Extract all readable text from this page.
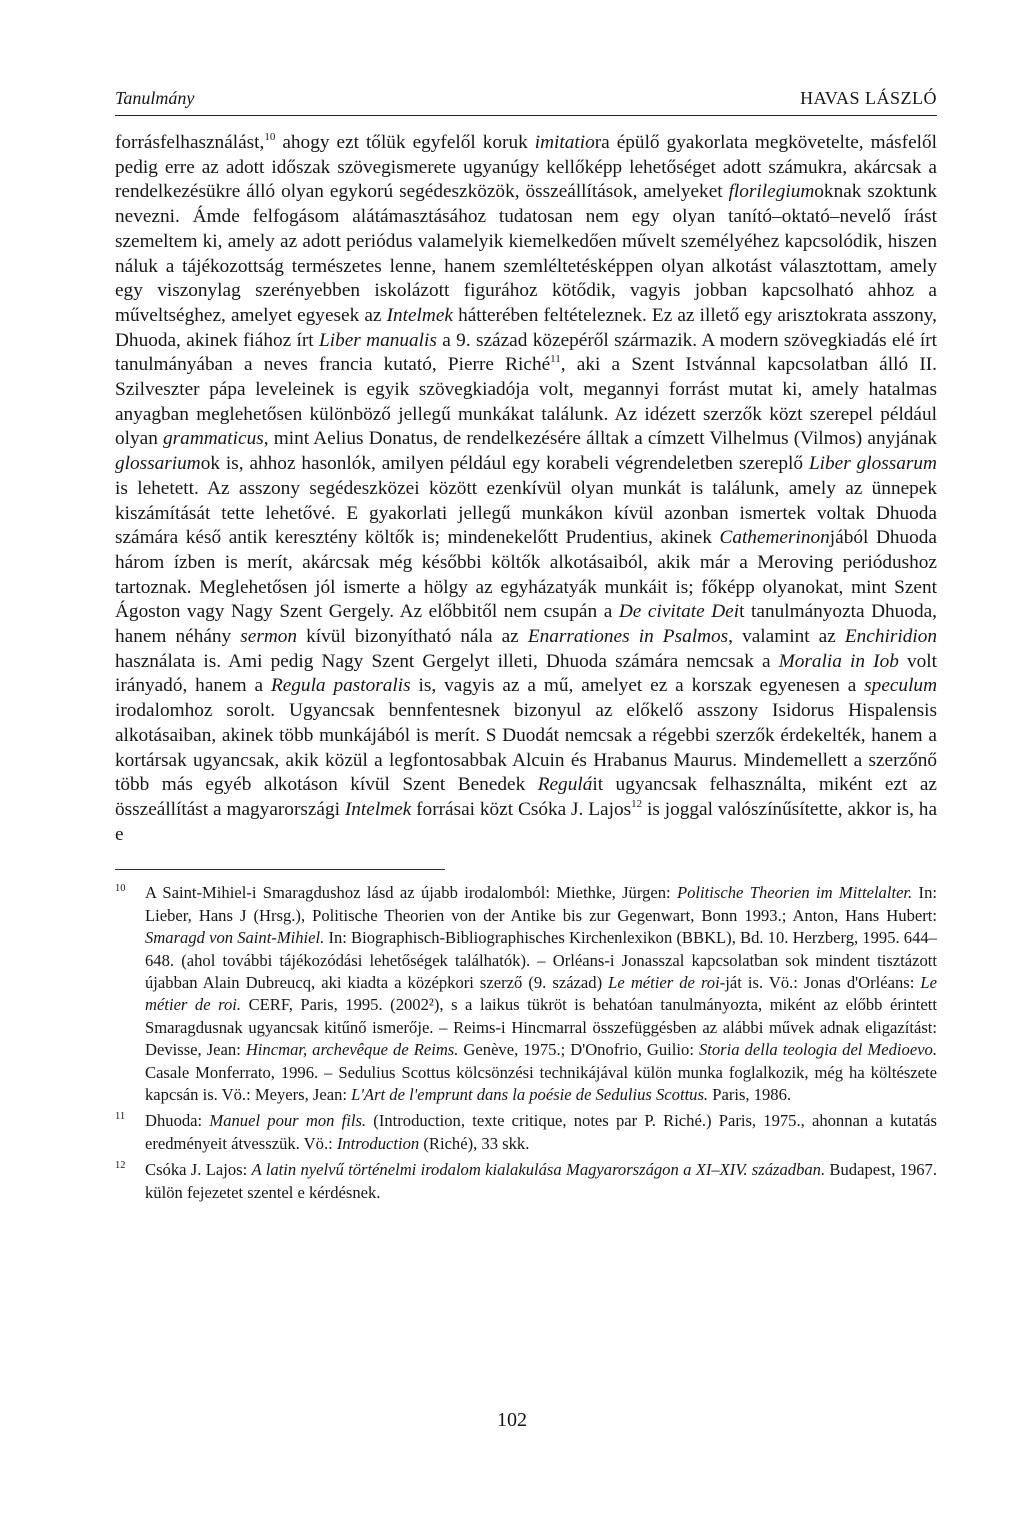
Tanulmány	HAVAS LÁSZLÓ
forrásfelhasználást,$^{10}$ ahogy ezt tőlük egyfelől koruk imitatiora épülő gyakorlata megkövetelte, másfelől pedig erre az adott időszak szövegismerete ugyanúgy kellőképp lehetőséget adott számukra, akárcsak a rendelkezésükre álló olyan egykorú segédeszközök, összeállítások, amelyeket florilegiumoknak szoktunk nevezni. Ámde felfogásom alátámasztásához tudatosan nem egy olyan tanító–oktató–nevelő írást szemeltem ki, amely az adott periódus valamelyik kiemelkedően művelt személyéhez kapcsolódik, hiszen náluk a tájékozottság természetes lenne, hanem szemléltetésképpen olyan alkotást választottam, amely egy viszonylag szerényebben iskolázott figurához kötődik, vagyis jobban kapcsolható ahhoz a műveltséghez, amelyet egyesek az Intelmek hátterében feltételeznek. Ez az illető egy arisztokrata asszony, Dhuoda, akinek fiához írt Liber manualis a 9. század közepéről származik. A modern szövegkiadás elé írt tanulmányában a neves francia kutató, Pierre Riché$^{11}$, aki a Szent Istvánnal kapcsolatban álló II. Szilveszter pápa leveleinek is egyik szövegkiadója volt, megannyi forrást mutat ki, amely hatalmas anyagban meglehetősen különböző jellegű munkákat találunk. Az idézett szerzők közt szerepel például olyan grammaticus, mint Aelius Donatus, de rendelkezésére álltak a címzett Vilhelmus (Vilmos) anyjának glossariumok is, ahhoz hasonlók, amilyen például egy korabeli végrendeletben szereplő Liber glossarum is lehetett. Az asszony segédeszközei között ezenkívül olyan munkát is találunk, amely az ünnepek kiszámítását tette lehetővé. E gyakorlati jellegű munkákon kívül azonban ismertek voltak Dhuoda számára késő antik keresztény költők is; mindenekelőtt Prudentius, akinek Cathemerinonjából Dhuoda három ízben is merít, akárcsak még későbbi költők alkotásaiból, akik már a Meroving periódushoz tartoznak. Meglehetősen jól ismerte a hölgy az egyházatyák munkáit is; főképp olyanokat, mint Szent Ágoston vagy Nagy Szent Gergely. Az előbbitől nem csupán a De civitate Deit tanulmányozta Dhuoda, hanem néhány sermon kívül bizonyítható nála az Enarrationes in Psalmos, valamint az Enchiridion használata is. Ami pedig Nagy Szent Gergelyt illeti, Dhuoda számára nemcsak a Moralia in Iob volt irányadó, hanem a Regula pastoralis is, vagyis az a mű, amelyet ez a korszak egyenesen a speculum irodalomhoz sorolt. Ugyancsak bennfentesnek bizonyul az előkelő asszony Isidorus Hispalensis alkotásaiban, akinek több munkájából is merít. S Duodát nemcsak a régebbi szerzők érdekelték, hanem a kortársak ugyancsak, akik közül a legfontosabbak Alcuin és Hrabanus Maurus. Mindemellett a szerzőnő több más egyéb alkotáson kívül Szent Benedek Reguláit ugyancsak felhasználta, miként ezt az összeállítást a magyarországi Intelmek forrásai közt Csóka J. Lajos$^{12}$ is joggal valószínűsítette, akkor is, ha e
10 A Saint-Mihiel-i Smaragdushoz lásd az újabb irodalomból: Miethke, Jürgen: Politische Theorien im Mittelalter. In: Lieber, Hans J (Hrsg.), Politische Theorien von der Antike bis zur Gegenwart, Bonn 1993.; Anton, Hans Hubert: Smaragd von Saint-Mihiel. In: Biographisch-Bibliographisches Kirchenlexikon (BBKL), Bd. 10. Herzberg, 1995. 644–648. (ahol további tájékozódási lehetőségek találhatók). – Orléans-i Jonasszal kapcsolatban sok mindent tisztázott újabban Alain Dubreucq, aki kiadta a középkori szerző (9. század) Le métier de roi-ját is. Vö.: Jonas d'Orléans: Le métier de roi. CERF, Paris, 1995. (2002²), s a laikus tükröt is behatóan tanulmányozta, miként az előbb érintett Smaragdusnak ugyancsak kitűnő ismerője. – Reims-i Hincmarral összefüggésben az alábbi művek adnak eligazítást: Devisse, Jean: Hincmar, archevêque de Reims. Genève, 1975.; D'Onofrio, Guilio: Storia della teologia del Medioevo. Casale Monferrato, 1996. – Sedulius Scottus kölcsönzési technikájával külön munka foglalkozik, még ha költészete kapcsán is. Vö.: Meyers, Jean: L'Art de l'emprunt dans la poésie de Sedulius Scottus. Paris, 1986.
11 Dhuoda: Manuel pour mon fils. (Introduction, texte critique, notes par P. Riché.) Paris, 1975., ahonnan a kutatás eredményeit átvesszük. Vö.: Introduction (Riché), 33 skk.
12 Csóka J. Lajos: A latin nyelvű történelmi irodalom kialakulása Magyarországon a XI–XIV. században. Budapest, 1967. külön fejezetet szentel e kérdésnek.
102
